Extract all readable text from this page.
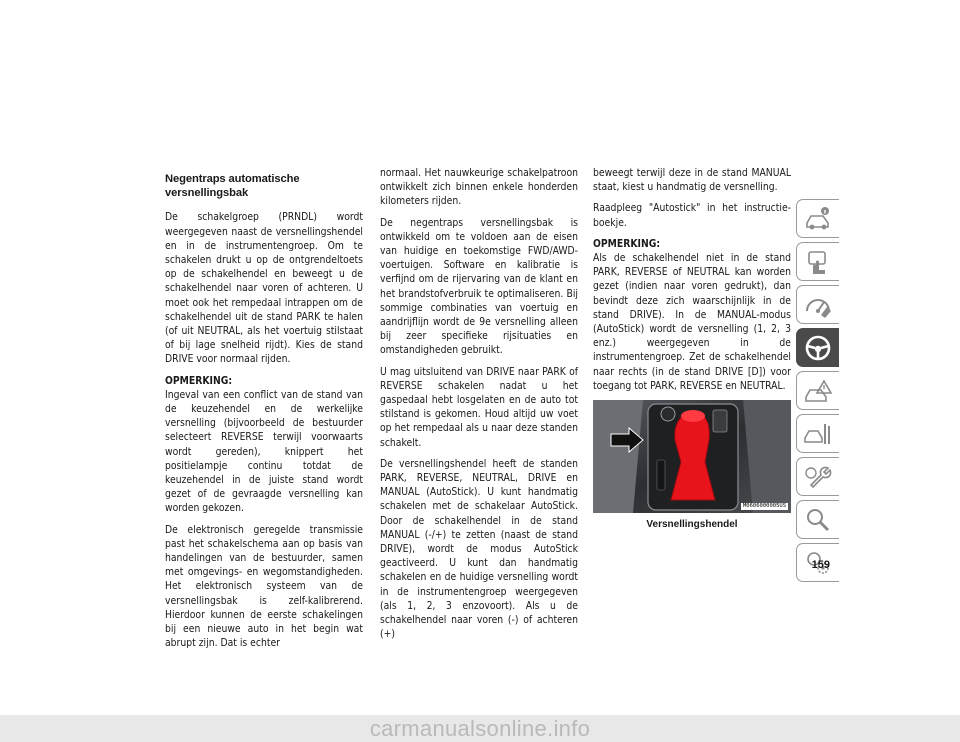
Negentraps automatische versnellingsbak

De schakelgroep (PRNDL) wordt weergegeven naast de versnellingshendel en in de instrumentengroep. Om te schakelen drukt u op de ontgrendeltoets op de schakelhendel en beweegt u de schakelhendel naar voren of achteren. U moet ook het rempedaal intrappen om de schakelhendel uit de stand PARK te halen (of uit NEUTRAL, als het voertuig stilstaat of bij lage snelheid rijdt). Kies de stand DRIVE voor normaal rijden.

OPMERKING:

Ingeval van een conflict van de stand van de keuzehendel en de werkelijke versnelling (bijvoorbeeld de bestuurder selecteert REVERSE terwijl voorwaarts wordt gereden), knippert het positielampje continu totdat de keuzehendel in de juiste stand wordt gezet of de gevraagde versnelling kan worden gekozen.

De elektronisch geregelde transmissie past het schakelschema aan op basis van handelingen van de bestuurder, samen met omgevings- en wegomstandigheden. Het elektronisch systeem van de versnellingsbak is zelf-kalibrerend. Hierdoor kunnen de eerste schakelingen bij een nieuwe auto in het begin wat abrupt zijn. Dat is echter

normaal. Het nauwkeurige schakelpatroon ontwikkelt zich binnen enkele honderden kilometers rijden.

De negentraps versnellingsbak is ontwikkeld om te voldoen aan de eisen van huidige en toekomstige FWD/AWD-voertuigen. Software en kalibratie is verfijnd om de rijervaring van de klant en het brandstofverbruik te optimaliseren. Bij sommige combinaties van voertuig en aandrijflijn wordt de 9e versnelling alleen bij zeer specifieke rijsituaties en omstandigheden gebruikt.

U mag uitsluitend van DRIVE naar PARK of REVERSE schakelen nadat u het gaspedaal hebt losgelaten en de auto tot stilstand is gekomen. Houd altijd uw voet op het rempedaal als u naar deze standen schakelt.

De versnellingshendel heeft de standen PARK, REVERSE, NEUTRAL, DRIVE en MANUAL (AutoStick). U kunt handmatig schakelen met de schakelaar AutoStick. Door de schakelhendel in de stand MANUAL (-/+) te zetten (naast de stand DRIVE), wordt de modus AutoStick geactiveerd. U kunt dan handmatig schakelen en de huidige versnelling wordt in de instrumentengroep weergegeven (als 1, 2, 3 enzovoort). Als u de schakelhendel naar voren (-) of achteren (+)

beweegt terwijl deze in de stand MANUAL staat, kiest u handmatig de versnelling.

Raadpleeg "Autostick" in het instructieboekje.

OPMERKING:

Als de schakelhendel niet in de stand PARK, REVERSE of NEUTRAL kan worden gezet (indien naar voren gedrukt), dan bevindt deze zich waarschijnlijk in de stand DRIVE). In de MANUAL-modus (AutoStick) wordt de versnelling (1, 2, 3 enz.) weergegeven in de instrumentengroep. Zet de schakelhendel naar rechts (in de stand DRIVE [D]) voor toegang tot PARK, REVERSE en NEUTRAL.

M0606000005US
Versnellingshendel
159
carmanualsonline.info
